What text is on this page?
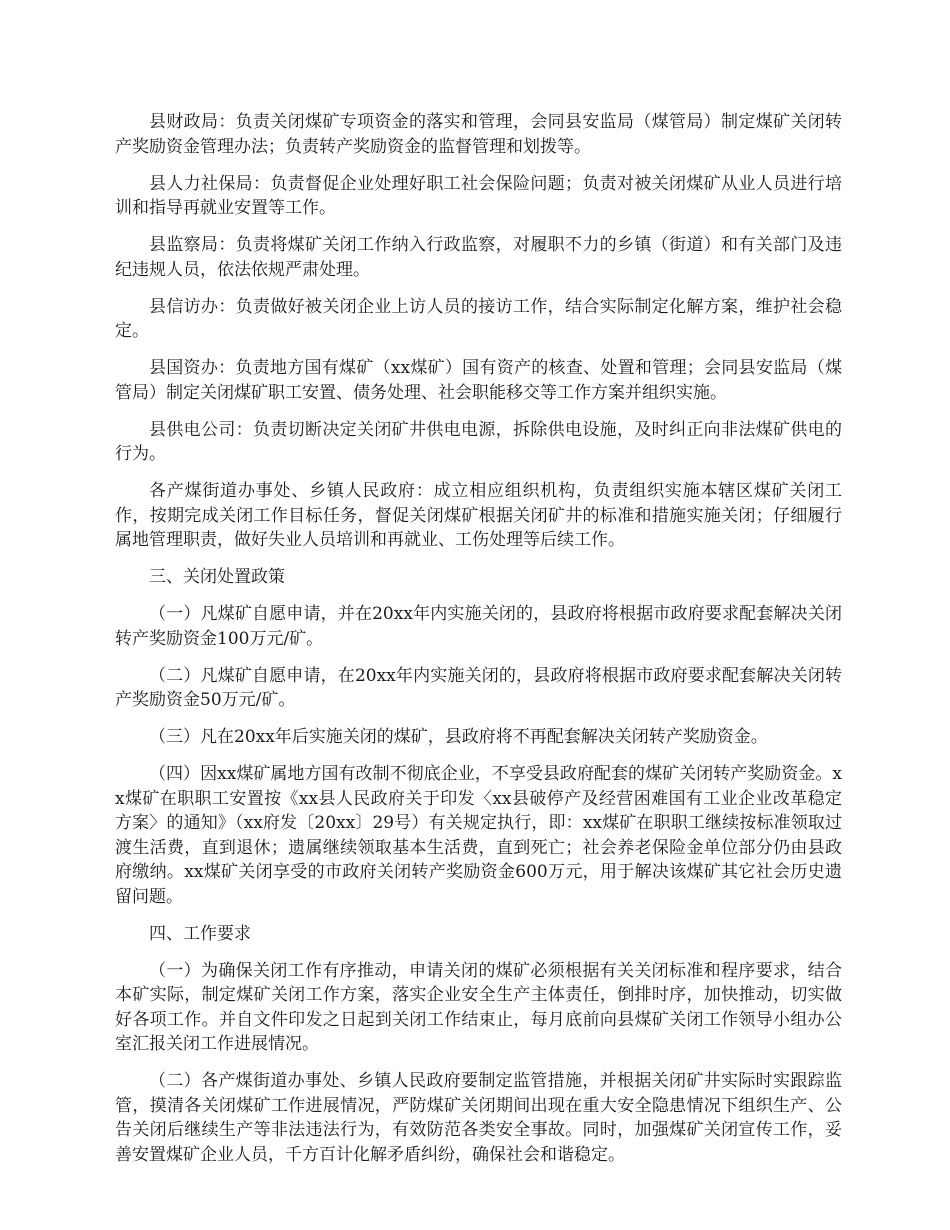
县财政局：负责关闭煤矿专项资金的落实和管理，会同县安监局（煤管局）制定煤矿关闭转产奖励资金管理办法；负责转产奖励资金的监督管理和划拨等。

县人力社保局：负责督促企业处理好职工社会保险问题；负责对被关闭煤矿从业人员进行培训和指导再就业安置等工作。

县监察局：负责将煤矿关闭工作纳入行政监察，对履职不力的乡镇（街道）和有关部门及违纪违规人员，依法依规严肃处理。

县信访办：负责做好被关闭企业上访人员的接访工作，结合实际制定化解方案，维护社会稳定。

县国资办：负责地方国有煤矿（xx煤矿）国有资产的核查、处置和管理；会同县安监局（煤管局）制定关闭煤矿职工安置、债务处理、社会职能移交等工作方案并组织实施。

县供电公司：负责切断决定关闭矿井供电电源，拆除供电设施，及时纠正向非法煤矿供电的行为。

各产煤街道办事处、乡镇人民政府：成立相应组织机构，负责组织实施本辖区煤矿关闭工作，按期完成关闭工作目标任务，督促关闭煤矿根据关闭矿井的标准和措施实施关闭；仔细履行属地管理职责，做好失业人员培训和再就业、工伤处理等后续工作。

三、关闭处置政策

（一）凡煤矿自愿申请，并在20xx年内实施关闭的，县政府将根据市政府要求配套解决关闭转产奖励资金100万元/矿。

（二）凡煤矿自愿申请，在20xx年内实施关闭的，县政府将根据市政府要求配套解决关闭转产奖励资金50万元/矿。

（三）凡在20xx年后实施关闭的煤矿，县政府将不再配套解决关闭转产奖励资金。

（四）因xx煤矿属地方国有改制不彻底企业，不享受县政府配套的煤矿关闭转产奖励资金。xx煤矿在职职工安置按《xx县人民政府关于印发〈xx县破停产及经营困难国有工业企业改革稳定方案〉的通知》（xx府发〔20xx〕29号）有关规定执行，即：xx煤矿在职职工继续按标准领取过渡生活费，直到退休；遗属继续领取基本生活费，直到死亡；社会养老保险金单位部分仍由县政府缴纳。xx煤矿关闭享受的市政府关闭转产奖励资金600万元，用于解决该煤矿其它社会历史遗留问题。

四、工作要求

（一）为确保关闭工作有序推动，申请关闭的煤矿必须根据有关关闭标准和程序要求，结合本矿实际，制定煤矿关闭工作方案，落实企业安全生产主体责任，倒排时序，加快推动，切实做好各项工作。并自文件印发之日起到关闭工作结束止，每月底前向县煤矿关闭工作领导小组办公室汇报关闭工作进展情况。

（二）各产煤街道办事处、乡镇人民政府要制定监管措施，并根据关闭矿井实际时实跟踪监管，摸清各关闭煤矿工作进展情况，严防煤矿关闭期间出现在重大安全隐患情况下组织生产、公告关闭后继续生产等非法违法行为，有效防范各类安全事故。同时，加强煤矿关闭宣传工作，妥善安置煤矿企业人员，千方百计化解矛盾纠纷，确保社会和谐稳定。
